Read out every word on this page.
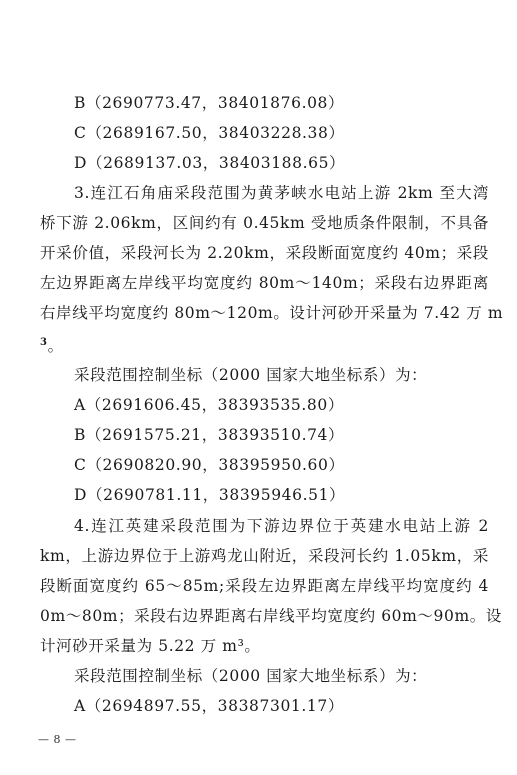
B（2690773.47，38401876.08）
C（2689167.50，38403228.38）
D（2689137.03，38403188.65）
3.连江石角庙采段范围为黄茅峡水电站上游 2km 至大湾
桥下游 2.06km，区间约有 0.45km 受地质条件限制，不具备
开采价值，采段河长为 2.20km，采段断面宽度约 40m；采段
左边界距离左岸线平均宽度约 80m～140m；采段右边界距离
右岸线平均宽度约 80m～120m。设计河砂开采量为 7.42 万 m
$^3$。
采段范围控制坐标（2000 国家大地坐标系）为：
A（2691606.45，38393535.80）
B（2691575.21，38393510.74）
C（2690820.90，38395950.60）
D（2690781.11，38395946.51）
4.连江英建采段范围为下游边界位于英建水电站上游 2
km，上游边界位于上游鸡龙山附近，采段河长约 1.05km，采
段断面宽度约 65～85m;采段左边界距离左岸线平均宽度约 4
0m～80m；采段右边界距离右岸线平均宽度约 60m～90m。设
计河砂开采量为 5.22 万 m³。
采段范围控制坐标（2000 国家大地坐标系）为：
A（2694897.55，38387301.17）
— 8 —
